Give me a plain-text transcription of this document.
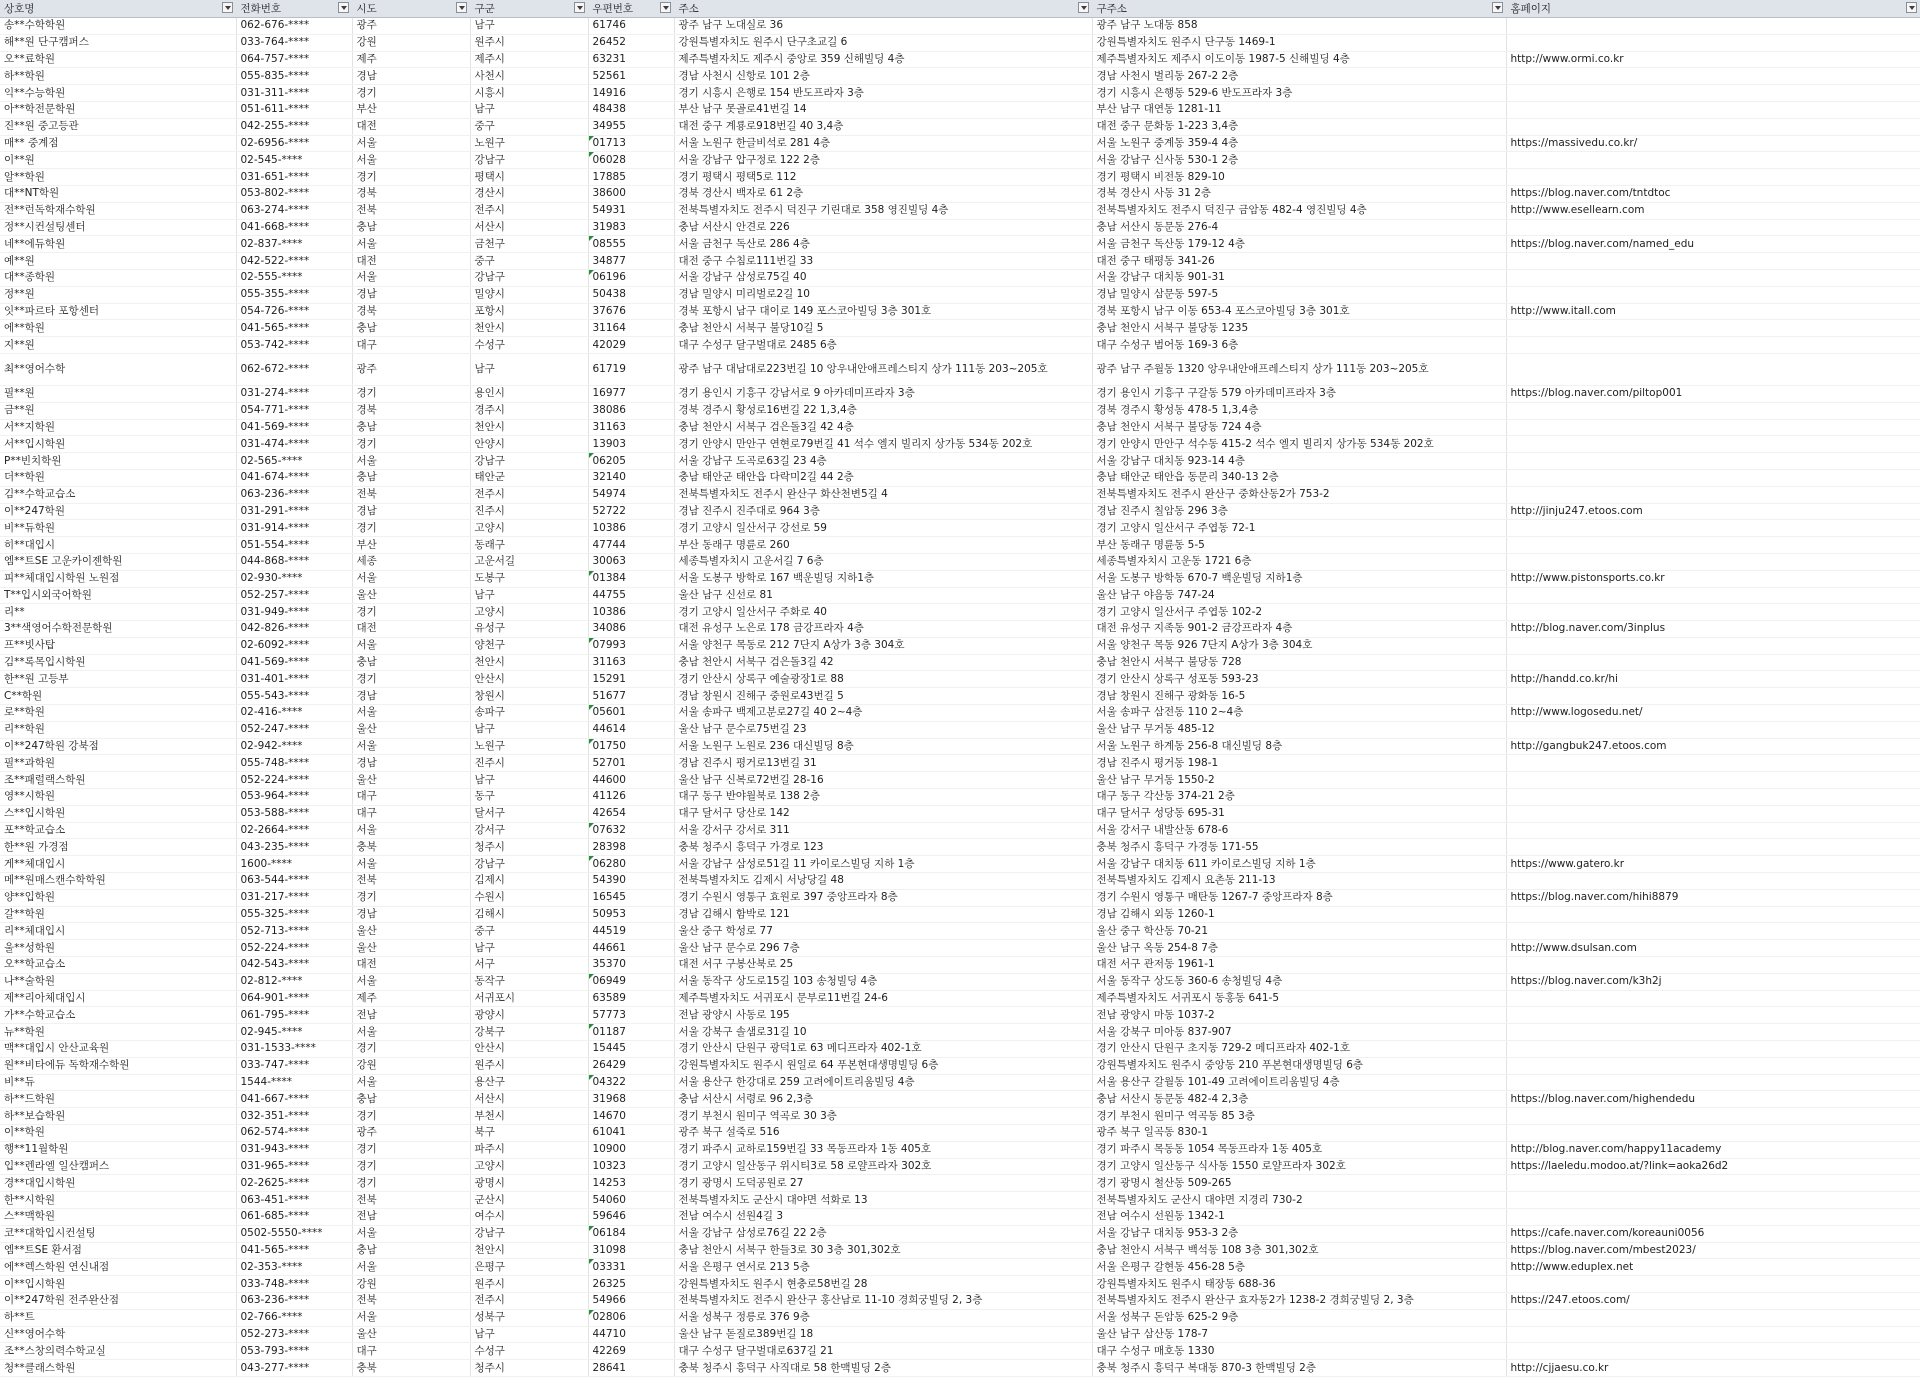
상호명	전화번호	시도	구군	우편번호	주소	구주소	홈페이지

송**수학학원	062-676-****	광주	남구	61746	광주 남구 노대실로 36	광주 남구 노대동 858	
해**원 단구캠퍼스	033-764-****	강원	원주시	26452	강원특별자치도 원주시 단구초교길 6	강원특별자치도 원주시 단구동 1469-1	
오**료학원	064-757-****	제주	제주시	63231	제주특별자치도 제주시 중앙로 359 신해빌딩 4층	제주특별자치도 제주시 이도이동 1987-5 신해빌딩 4층	http://www.ormi.co.kr
하**학원	055-835-****	경남	사천시	52561	경남 사천시 신항로 101 2층	경남 사천시 벌리동 267-2 2층	
익**수능학원	031-311-****	경기	시흥시	14916	경기 시흥시 은행로 154 반도프라자 3층	경기 시흥시 은행동 529-6 반도프라자 3층	
아**학전문학원	051-611-****	부산	남구	48438	부산 남구 못골로41번길 14	부산 남구 대연동 1281-11	
진**원 중고등관	042-255-****	대전	중구	34955	대전 중구 계룡로918번길 40 3,4층	대전 중구 문화동 1-223 3,4층	
매** 중계점	02-6956-****	서울	노원구	01713	서울 노원구 한글비석로 281 4층	서울 노원구 중계동 359-4 4층	https://massivedu.co.kr/
이**원	02-545-****	서울	강남구	06028	서울 강남구 압구정로 122 2층	서울 강남구 신사동 530-1 2층	
알**학원	031-651-****	경기	평택시	17885	경기 평택시 평택5로 112	경기 평택시 비전동 829-10	
대**NT학원	053-802-****	경북	경산시	38600	경북 경산시 백자로 61 2층	경북 경산시 사동 31 2층	https://blog.naver.com/tntdtoc
전**런독학재수학원	063-274-****	전북	전주시	54931	전북특별자치도 전주시 덕진구 기린대로 358 영진빌딩 4층	전북특별자치도 전주시 덕진구 금암동 482-4 영진빌딩 4층	http://www.esellearn.com
정**시컨설팅센터	041-668-****	충남	서산시	31983	충남 서산시 안견로 226	충남 서산시 동문동 276-4	
네**에듀학원	02-837-****	서울	금천구	08555	서울 금천구 독산로 286 4층	서울 금천구 독산동 179-12 4층	https://blog.naver.com/named_edu
예**원	042-522-****	대전	중구	34877	대전 중구 수침로111번길 33	대전 중구 태평동 341-26	
대**종학원	02-555-****	서울	강남구	06196	서울 강남구 삼성로75길 40	서울 강남구 대치동 901-31	
정**원	055-355-****	경남	밀양시	50438	경남 밀양시 미리벌로2길 10	경남 밀양시 삼문동 597-5	
잇**파르타 포항센터	054-726-****	경북	포항시	37676	경북 포항시 남구 대이로 149 포스코아빌딩 3층 301호	경북 포항시 남구 이동 653-4 포스코아빌딩 3층 301호	http://www.itall.com
에**학원	041-565-****	충남	천안시	31164	충남 천안시 서북구 불당10길 5	충남 천안시 서북구 불당동 1235	
지**원	053-742-****	대구	수성구	42029	대구 수성구 달구벌대로 2485 6층	대구 수성구 범어동 169-3 6층	
최**영어수학	062-672-****	광주	남구	61719	광주 남구 대남대로223번길 10 앙우내안애프레스티지 상가 111동 203~205호	광주 남구 주월동 1320 앙우내안애프레스티지 상가 111동 203~205호	
필**원	031-274-****	경기	용인시	16977	경기 용인시 기흥구 강남서로 9 아카데미프라자 3층	경기 용인시 기흥구 구갈동 579 아카데미프라자 3층	https://blog.naver.com/piltop001
금**원	054-771-****	경북	경주시	38086	경북 경주시 황성로16번길 22 1,3,4층	경북 경주시 황성동 478-5 1,3,4층	
서**지학원	041-569-****	충남	천안시	31163	충남 천안시 서북구 검은돌3길 42 4층	충남 천안시 서북구 불당동 724 4층	
서**입시학원	031-474-****	경기	안양시	13903	경기 안양시 만안구 연현로79번길 41 석수 엘지 빌리지 상가동 534동 202호	경기 안양시 만안구 석수동 415-2 석수 엘지 빌리지 상가동 534동 202호	
P**빈치학원	02-565-****	서울	강남구	06205	서울 강남구 도곡로63길 23 4층	서울 강남구 대치동 923-14 4층	
더**학원	041-674-****	충남	태안군	32140	충남 태안군 태안읍 다락미2길 44 2층	충남 태안군 태안읍 동문리 340-13 2층	
김**수학교습소	063-236-****	전북	전주시	54974	전북특별자치도 전주시 완산구 화산천변5길 4	전북특별자치도 전주시 완산구 중화산동2가 753-2	
이**247학원	031-291-****	경남	진주시	52722	경남 진주시 진주대로 964 3층	경남 진주시 칠암동 296 3층	http://jinju247.etoos.com
비**듀학원	031-914-****	경기	고양시	10386	경기 고양시 일산서구 강선로 59	경기 고양시 일산서구 주엽동 72-1	
히**대입시	051-554-****	부산	동래구	47744	부산 동래구 명륜로 260	부산 동래구 명륜동 5-5	
엠**트SE 고운카이젠학원	044-868-****	세종	고운서길	30063	세종특별자치시 고운서길 7 6층	세종특별자치시 고운동 1721 6층	
피**체대입시학원 노원점	02-930-****	서울	도봉구	01384	서울 도봉구 방학로 167 백운빌딩 지하1층	서울 도봉구 방학동 670-7 백운빌딩 지하1층	http://www.pistonsports.co.kr
T**입시외국어학원	052-257-****	울산	남구	44755	울산 남구 신선로 81	울산 남구 야음동 747-24	
리**	031-949-****	경기	고양시	10386	경기 고양시 일산서구 주화로 40	경기 고양시 일산서구 주엽동 102-2	
3**색영어수학전문학원	042-826-****	대전	유성구	34086	대전 유성구 노은로 178 금강프라자 4층	대전 유성구 지족동 901-2 금강프라자 4층	http://blog.naver.com/3inplus
프**빗사탑	02-6092-****	서울	양천구	07993	서울 양천구 목동로 212 7단지 A상가 3층 304호	서울 양천구 목동 926 7단지 A상가 3층 304호	
김**록목입시학원	041-569-****	충남	천안시	31163	충남 천안시 서북구 검은돌3길 42	충남 천안시 서북구 불당동 728	
한**원 고등부	031-401-****	경기	안산시	15291	경기 안산시 상록구 예술광장1로 88	경기 안산시 상록구 성포동 593-23	http://handd.co.kr/hi
C**학원	055-543-****	경남	창원시	51677	경남 창원시 진해구 중원로43번길 5	경남 창원시 진해구 광화동 16-5	
로**학원	02-416-****	서울	송파구	05601	서울 송파구 백제고분로27길 40 2~4층	서울 송파구 삼전동 110 2~4층	http://www.logosedu.net/
리**학원	052-247-****	울산	남구	44614	울산 남구 문수로75번길 23	울산 남구 무거동 485-12	
이**247학원 강북점	02-942-****	서울	노원구	01750	서울 노원구 노원로 236 대신빌딩 8층	서울 노원구 하계동 256-8 대신빌딩 8층	http://gangbuk247.etoos.com
필**과학원	055-748-****	경남	진주시	52701	경남 진주시 평거로13번길 31	경남 진주시 평거동 198-1	
조**패럴랙스학원	052-224-****	울산	남구	44600	울산 남구 신복로72번길 28-16	울산 남구 무거동 1550-2	
영**시학원	053-964-****	대구	동구	41126	대구 동구 반야월북로 138 2층	대구 동구 각산동 374-21 2층	
스**입시학원	053-588-****	대구	달서구	42654	대구 달서구 당산로 142	대구 달서구 성당동 695-31	
포**학교습소	02-2664-****	서울	강서구	07632	서울 강서구 강서로 311	서울 강서구 내발산동 678-6	
한**원 가경점	043-235-****	충북	청주시	28398	충북 청주시 흥덕구 가경로 123	충북 청주시 흥덕구 가경동 171-55	
게**체대입시	1600-****	서울	강남구	06280	서울 강남구 삼성로51길 11 카이로스빌딩 지하 1층	서울 강남구 대치동 611 카이로스빌딩 지하 1층	https://www.gatero.kr
메**원매스캔수학학원	063-544-****	전북	김제시	54390	전북특별자치도 김제시 서낭당길 48	전북특별자치도 김제시 요촌동 211-13	
양**입학원	031-217-****	경기	수원시	16545	경기 수원시 영통구 효원로 397 중앙프라자 8층	경기 수원시 영통구 매탄동 1267-7 중앙프라자 8층	https://blog.naver.com/hihi8879
갈**학원	055-325-****	경남	김해시	50953	경남 김해시 함박로 121	경남 김해시 외동 1260-1	
리**체대입시	052-713-****	울산	중구	44519	울산 중구 학성로 77	울산 중구 학산동 70-21	
울**성학원	052-224-****	울산	남구	44661	울산 남구 문수로 296 7층	울산 남구 옥동 254-8 7층	http://www.dsulsan.com
오**학교습소	042-543-****	대전	서구	35370	대전 서구 구봉산북로 25	대전 서구 관저동 1961-1	
나**술학원	02-812-****	서울	동작구	06949	서울 동작구 상도로15길 103 송청빌딩 4층	서울 동작구 상도동 360-6 송청빌딩 4층	https://blog.naver.com/k3h2j
제**리아체대입시	064-901-****	제주	서귀포시	63589	제주특별자치도 서귀포시 문부로11번길 24-6	제주특별자치도 서귀포시 동홍동 641-5	
가**수학교습소	061-795-****	전남	광양시	57773	전남 광양시 사동로 195	전남 광양시 마동 1037-2	
뉴**학원	02-945-****	서울	강북구	01187	서울 강북구 솔샘로31길 10	서울 강북구 미아동 837-907	
맥**대입시 안산교육원	031-1533-****	경기	안산시	15445	경기 안산시 단원구 광덕1로 63 메디프라자 402-1호	경기 안산시 단원구 초지동 729-2 메디프라자 402-1호	
원**비타에듀 독학재수학원	033-747-****	강원	원주시	26429	강원특별자치도 원주시 원일로 64 푸본현대생명빌딩 6층	강원특별자치도 원주시 중앙동 210 푸본현대생명빌딩 6층	
비**듀	1544-****	서울	용산구	04322	서울 용산구 한강대로 259 고려에이트리움빌딩 4층	서울 용산구 갈월동 101-49 고려에이트리움빌딩 4층	
하**드학원	041-667-****	충남	서산시	31968	충남 서산시 서령로 96 2,3층	충남 서산시 동문동 482-4 2,3층	https://blog.naver.com/highendedu
하**보습학원	032-351-****	경기	부천시	14670	경기 부천시 원미구 역곡로 30 3층	경기 부천시 원미구 역곡동 85 3층	
이**학원	062-574-****	광주	북구	61041	광주 북구 설죽로 516	광주 북구 일곡동 830-1	
행**11월학원	031-943-****	경기	파주시	10900	경기 파주시 교하로159번길 33 목동프라자 1동 405호	경기 파주시 목동동 1054 목동프라자 1동 405호	http://blog.naver.com/happy11academy
입**렌라엘 일산캠퍼스	031-965-****	경기	고양시	10323	경기 고양시 일산동구 위시티3로 58 로얄프라자 302호	경기 고양시 일산동구 식사동 1550 로얄프라자 302호	https://laeledu.modoo.at/?link=aoka26d2
경**대입시학원	02-2625-****	경기	광명시	14253	경기 광명시 도덕공원로 27	경기 광명시 철산동 509-265	
한**시학원	063-451-****	전북	군산시	54060	전북특별자치도 군산시 대야면 석화로 13	전북특별자치도 군산시 대야면 지경리 730-2	
스**맥학원	061-685-****	전남	여수시	59646	전남 여수시 선원4길 3	전남 여수시 선원동 1342-1	
코**대학입시컨설팅	0502-5550-****	서울	강남구	06184	서울 강남구 삼성로76길 22 2층	서울 강남구 대치동 953-3 2층	https://cafe.naver.com/koreauni0056
엠**트SE 환서점	041-565-****	충남	천안시	31098	충남 천안시 서북구 한들3로 30 3층 301,302호	충남 천안시 서북구 백석동 108 3층 301,302호	https://blog.naver.com/mbest2023/
에**렉스학원 연신내점	02-353-****	서울	은평구	03331	서울 은평구 연서로 213 5층	서울 은평구 갈현동 456-28 5층	http://www.eduplex.net
이**입시학원	033-748-****	강원	원주시	26325	강원특별자치도 원주시 현충로58번길 28	강원특별자치도 원주시 태장동 688-36	
이**247학원 전주완산점	063-236-****	전북	전주시	54966	전북특별자치도 전주시 완산구 홍산남로 11-10 경희궁빌딩 2, 3층	전북특별자치도 전주시 완산구 효자동2가 1238-2 경희궁빌딩 2, 3층	https://247.etoos.com/
하**트	02-766-****	서울	성북구	02806	서울 성북구 정릉로 376 9층	서울 성북구 돈암동 625-2 9층	
신**영어수학	052-273-****	울산	남구	44710	울산 남구 돋질로389번길 18	울산 남구 삼산동 178-7	
조**스창의력수학교실	053-793-****	대구	수성구	42269	대구 수성구 달구벌대로637길 21	대구 수성구 매호동 1330	
청**클래스학원	043-277-****	충북	청주시	28641	충북 청주시 흥덕구 사직대로 58 한맥빌딩 2층	충북 청주시 흥덕구 복대동 870-3 한맥빌딩 2층	http://cjjaesu.co.kr
